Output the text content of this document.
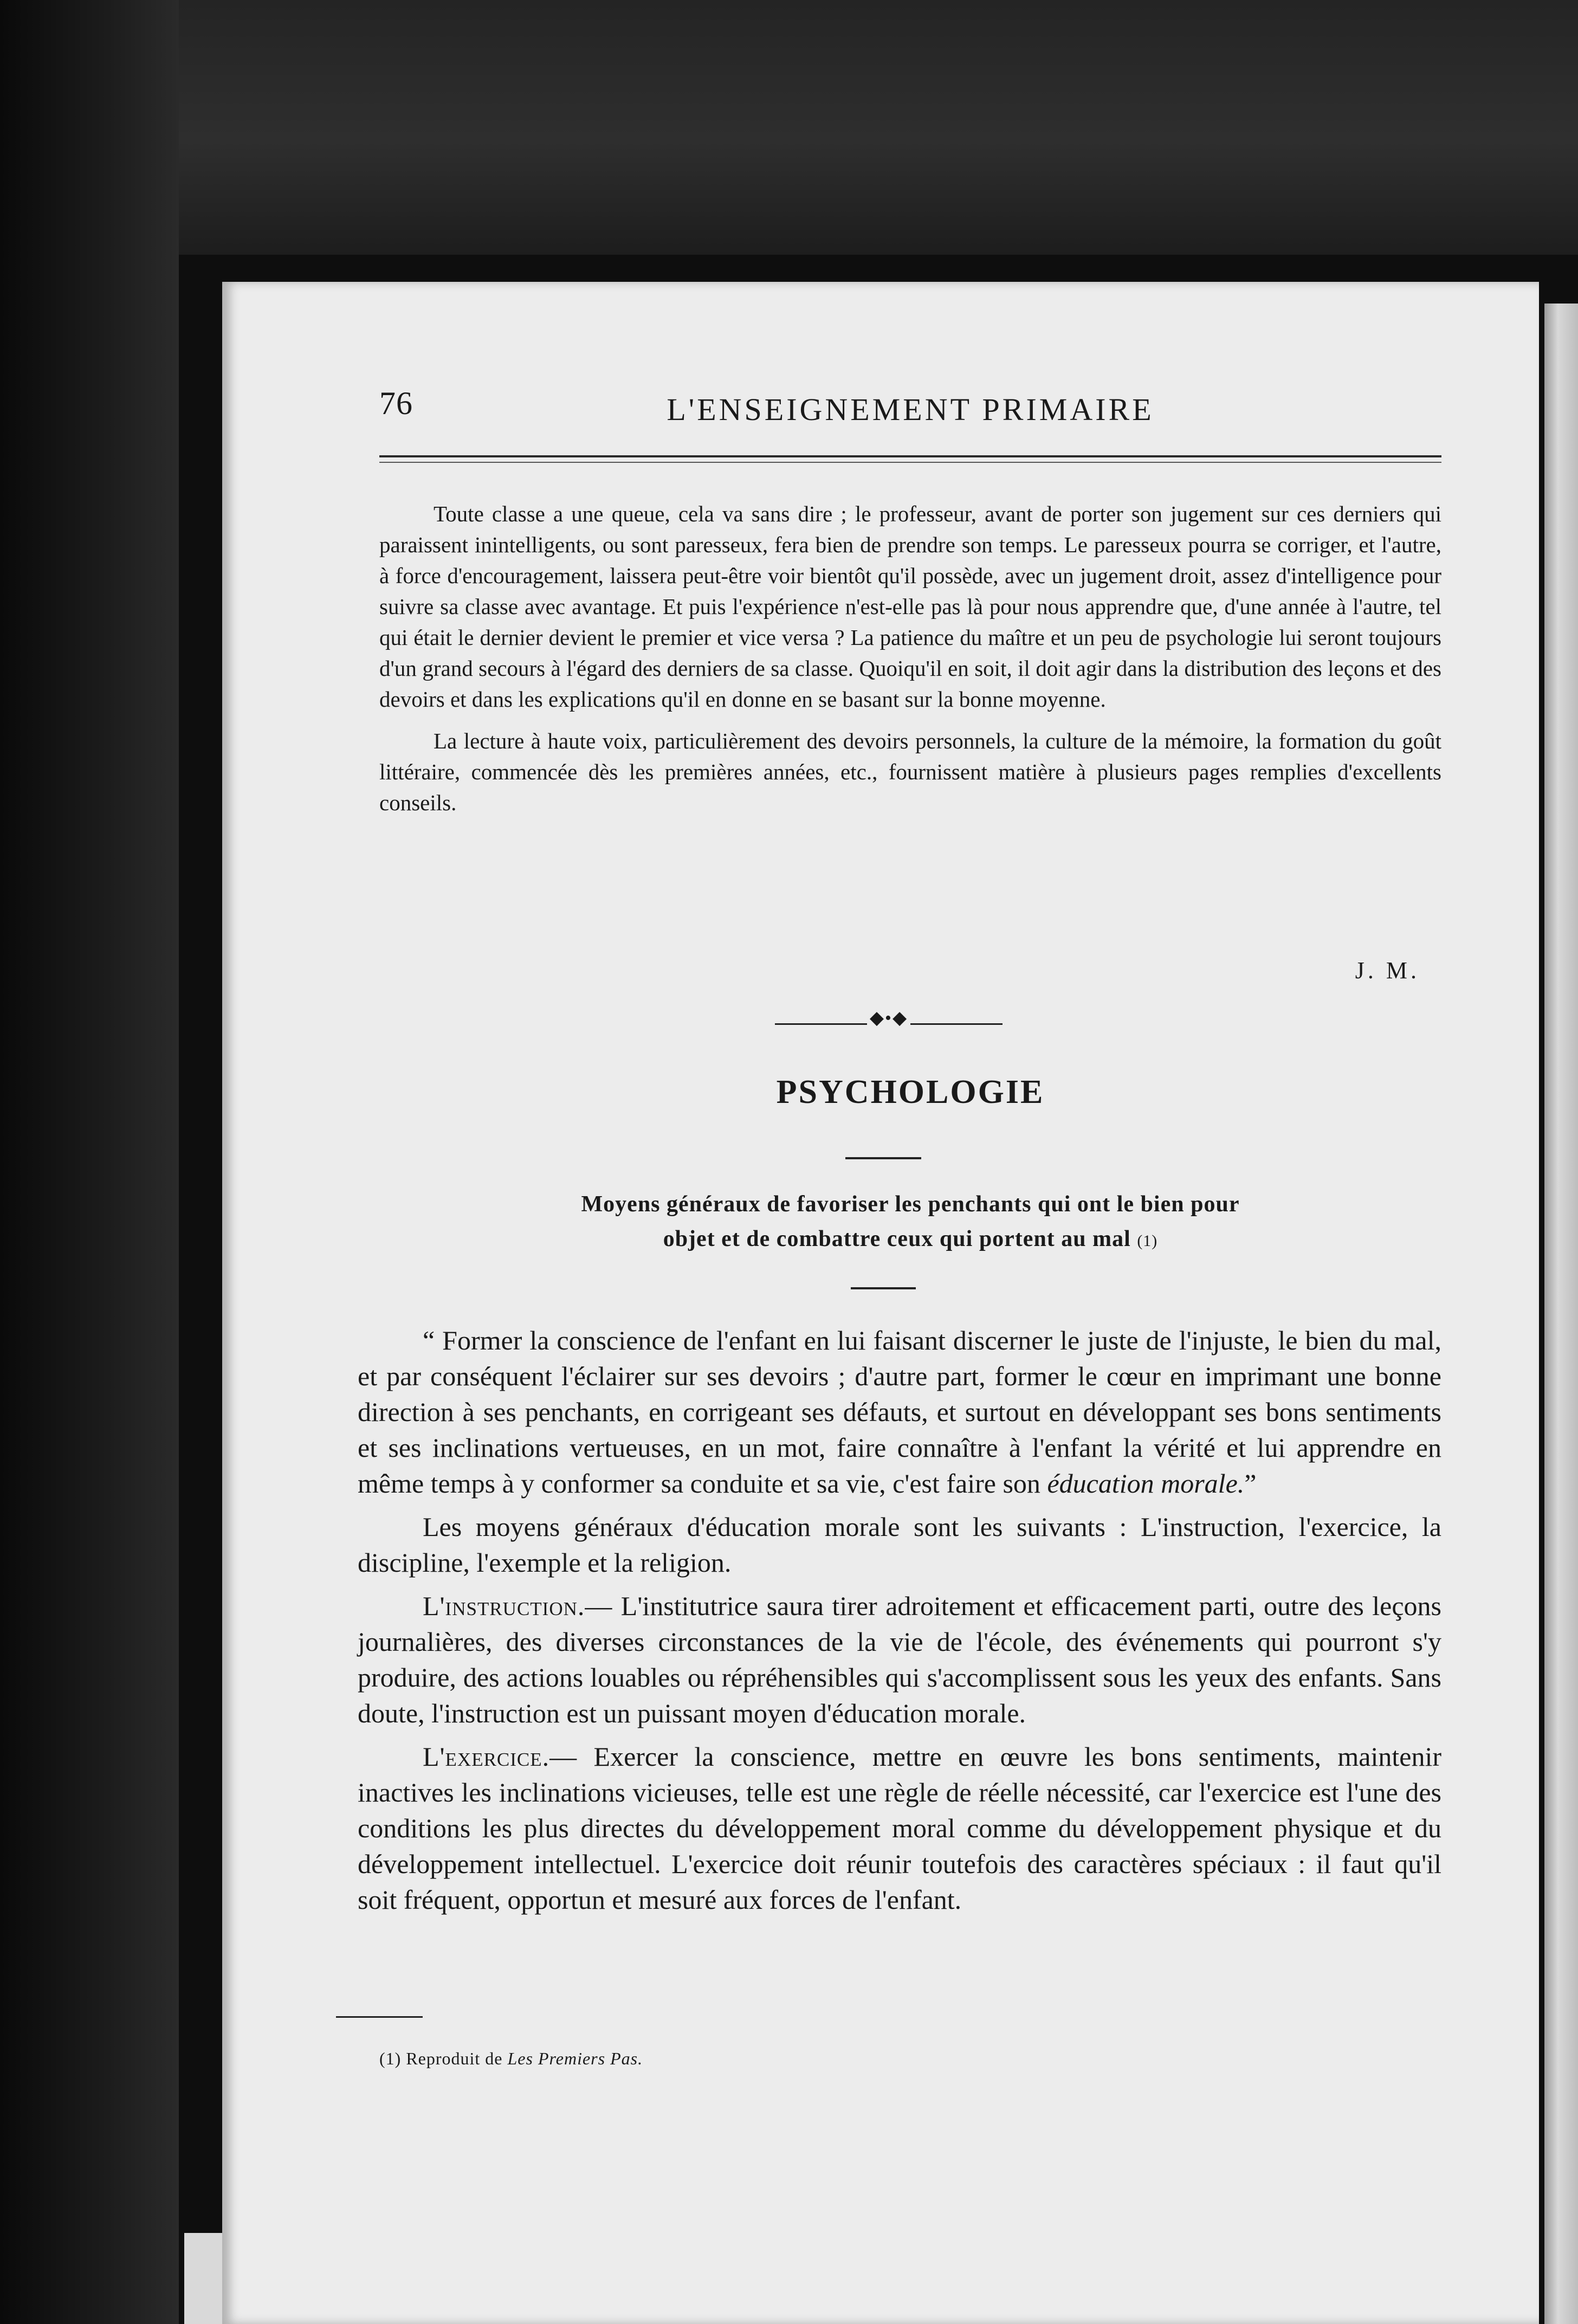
76	L'ENSEIGNEMENT PRIMAIRE

Toute classe a une queue, cela va sans dire ; le professeur, avant de porter son jugement sur ces derniers qui paraissent inintelligents, ou sont paresseux, fera bien de prendre son temps. Le paresseux pourra se corriger, et l'autre, à force d'encouragement, laissera peut-être voir bientôt qu'il possède, avec un jugement droit, assez d'intelligence pour suivre sa classe avec avantage. Et puis l'expérience n'est-elle pas là pour nous apprendre que, d'une année à l'autre, tel qui était le dernier devient le premier et vice versa ? La patience du maître et un peu de psychologie lui seront toujours d'un grand secours à l'égard des derniers de sa classe. Quoiqu'il en soit, il doit agir dans la distribution des leçons et des devoirs et dans les explications qu'il en donne en se basant sur la bonne moyenne.

La lecture à haute voix, particulièrement des devoirs personnels, la culture de la mémoire, la formation du goût littéraire, commencée dès les premières années, etc., fournissent matière à plusieurs pages remplies d'excellents conseils.

J. M.
◆•◆
PSYCHOLOGIE
Moyens généraux de favoriser les penchants qui ont le bien pour
objet et de combattre ceux qui portent au mal (1)

“ Former la conscience de l'enfant en lui faisant discerner le juste de l'injuste, le bien du mal, et par conséquent l'éclairer sur ses devoirs ; d'autre part, former le cœur en imprimant une bonne direction à ses penchants, en corrigeant ses défauts, et surtout en développant ses bons sentiments et ses inclinations vertueuses, en un mot, faire connaître à l'enfant la vérité et lui apprendre en même temps à y conformer sa conduite et sa vie, c'est faire son éducation morale.”

Les moyens généraux d'éducation morale sont les suivants : L'instruction, l'exercice, la discipline, l'exemple et la religion.

L'instruction.— L'institutrice saura tirer adroitement et efficacement parti, outre des leçons journalières, des diverses circonstances de la vie de l'école, des événements qui pourront s'y produire, des actions louables ou répréhensibles qui s'accomplissent sous les yeux des enfants. Sans doute, l'instruction est un puissant moyen d'éducation morale.

L'exercice.— Exercer la conscience, mettre en œuvre les bons sentiments, maintenir inactives les inclinations vicieuses, telle est une règle de réelle nécessité, car l'exercice est l'une des conditions les plus directes du développement moral comme du développement physique et du développement intellectuel. L'exercice doit réunir toutefois des caractères spéciaux : il faut qu'il soit fréquent, opportun et mesuré aux forces de l'enfant.

(1) Reproduit de Les Premiers Pas.
